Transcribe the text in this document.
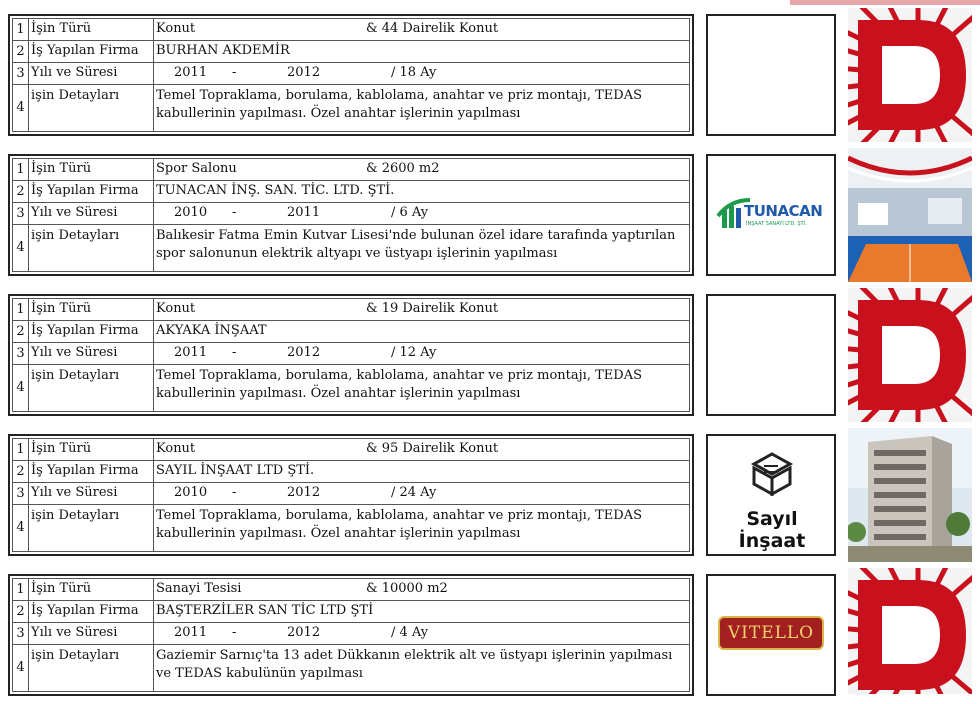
1	İşin Türü	Konut & 44 Dairelik Konut
2	İş Yapılan Firma	BURHAN AKDEMİR
3	Yılı ve Süresi	2011 - 2012 / 18 Ay
4	işin Detayları	Temel Topraklama, borulama, kablolama, anahtar ve priz montajı, TEDAS kabullerinin yapılması. Özel anahtar işlerinin yapılması
1	İşin Türü	Spor Salonu & 2600 m2
2	İş Yapılan Firma	TUNACAN İNŞ. SAN. TİC. LTD. ŞTİ.
3	Yılı ve Süresi	2010 - 2011 / 6 Ay
4	işin Detayları	Balıkesir Fatma Emin Kutvar Lisesi'nde bulunan özel idare tarafında yaptırılan spor salonunun elektrik altyapı ve üstyapı işlerinin yapılması
TUNACAN
İNŞAAT SANAYİ LTD. ŞTİ.
1	İşin Türü	Konut & 19 Dairelik Konut
2	İş Yapılan Firma	AKYAKA İNŞAAT
3	Yılı ve Süresi	2011 - 2012 / 12 Ay
4	işin Detayları	Temel Topraklama, borulama, kablolama, anahtar ve priz montajı, TEDAS kabullerinin yapılması. Özel anahtar işlerinin yapılması
1	İşin Türü	Konut & 95 Dairelik Konut
2	İş Yapılan Firma	SAYIL İNŞAAT LTD ŞTİ.
3	Yılı ve Süresi	2010 - 2012 / 24 Ay
4	işin Detayları	Temel Topraklama, borulama, kablolama, anahtar ve priz montajı, TEDAS kabullerinin yapılması. Özel anahtar işlerinin yapılması
Sayıl İnşaat
1	İşin Türü	Sanayi Tesisi & 10000 m2
2	İş Yapılan Firma	BAŞTERZİLER SAN TİC LTD ŞTİ
3	Yılı ve Süresi	2011 - 2012 / 4 Ay
4	işin Detayları	Gaziemir Sarnıç'ta 13 adet Dükkanın elektrik alt ve üstyapı işlerinin yapılması ve TEDAS kabulünün yapılması
VITELLO
